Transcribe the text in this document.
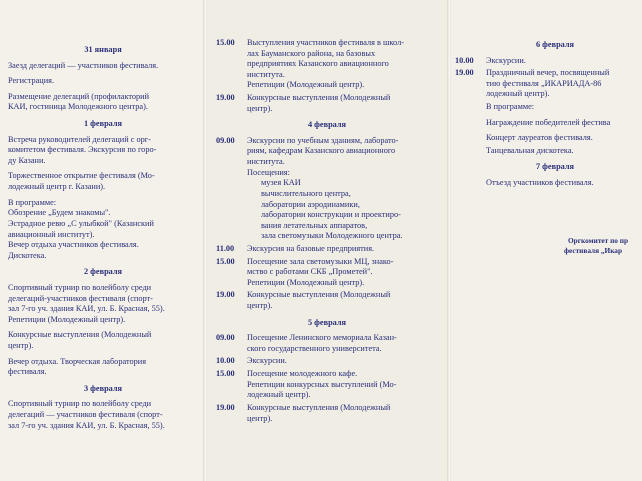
31 января
Заезд делегаций — участников фестиваля.
Регистрация.
Размещение делегаций (профилакторий
КАИ, гостиница Молодежного центра).
1 февраля
Встреча руководителей делегаций с орг-
комитетом фестиваля. Экскурсия по горо-
ду Казани.
Торжественное открытие фестиваля (Мо-
лодежный центр г. Казани).
В программе:
Обозрение „Будем знакомы".
Эстрадное ревю „С улыбкой" (Казанский
авиационный институт).
Вечер отдыха участников фестиваля.
Дискотека.
2 февраля
Спортивный турнир по волейболу среди
делегаций-участников фестиваля (спорт-
зал 7-го уч. здания КАИ, ул. Б. Красная, 55).
Репетиции (Молодежный центр).
Конкурсные выступления (Молодежный
центр).
Вечер отдыха. Творческая лаборатория
фестиваля.
3 февраля
Спортивный турнир по волейболу среди
делегаций — участников фестиваля (спорт-
зал 7-го уч. здания КАИ, ул. Б. Красная, 55).
15.00	Выступления участников фестиваля в школ-
лах Бауманского района, на базовых
предприятиях Казанского авиационного
института.
Репетиции (Молодежный центр).
19.00	Конкурсные выступления (Молодежный
центр).
4 февраля
09.00	Экскурсии по учебным зданиям, лаборато-
риям, кафедрам Казанского авиационного
института.
Посещения:
музея КАИ
вычислительного центра,
лаборатории аэродинамики,
лаборатории конструкции и проектиро-
вания летательных аппаратов,
зала светомузыки Молодежного центра.
11.00	Экскурсия на базовые предприятия.
15.00	Посещение зала светомузыки МЦ, знако-
мство с работами СКБ „Прометей".
Репетиции (Молодежный центр).
19.00	Конкурсные выступления (Молодежный
центр).
5 февраля
09.00	Посещение Ленинского мемориала Казан-
ского государственного университета.
10.00	Экскурсии.
15.00	Посещение молодежного кафе.
Репетиции конкурсных выступлений (Мо-
лодежный центр).
19.00	Конкурсные выступления (Молодежный
центр).
6 февраля
10.00	Экскурсии.
19.00	Праздничный вечер, посвященный
тию фестиваля „ИКАРИАДА-86
лодежный центр).
В программе:
Награждение победителей фестива
Концерт лауреатов фестиваля.
Танцевальная дискотека.
7 февраля
Отъезд участников фестиваля.
Оргкомитет по пр
фестиваля „Икар
